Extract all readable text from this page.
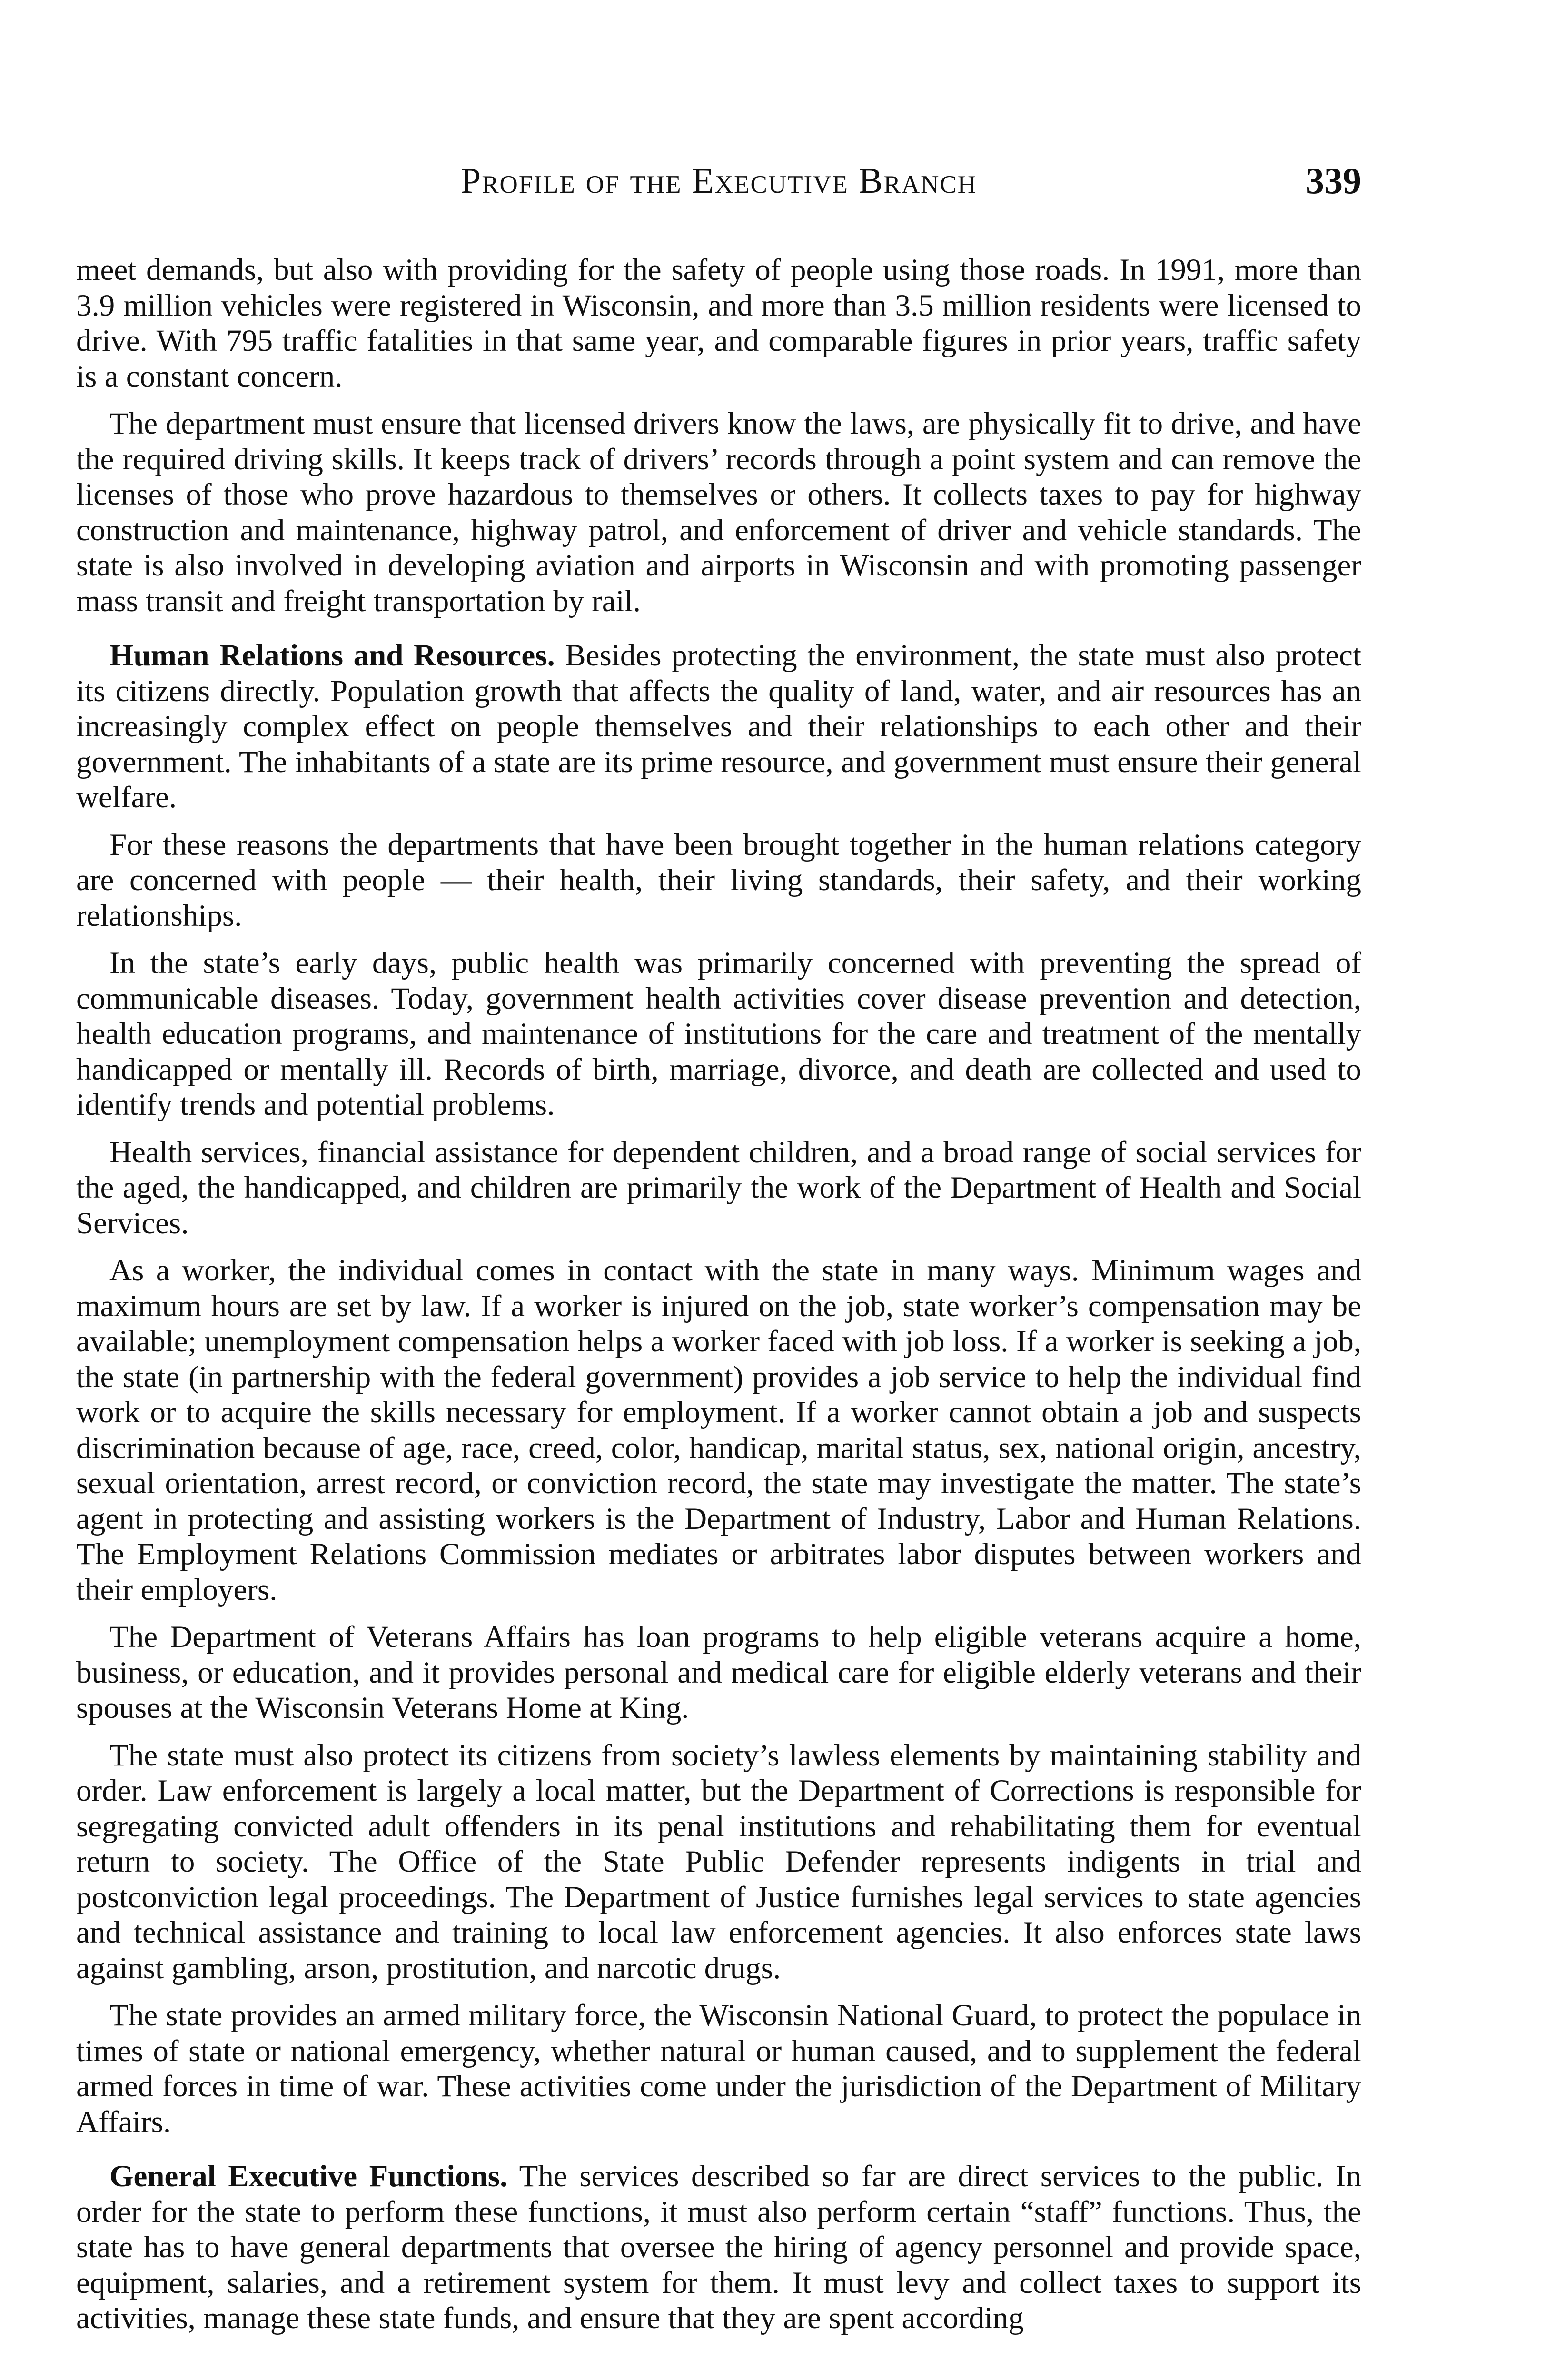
Profile of the Executive Branch	339

meet demands, but also with providing for the safety of people using those roads. In 1991, more than 3.9 million vehicles were registered in Wisconsin, and more than 3.5 million residents were licensed to drive. With 795 traffic fatalities in that same year, and comparable figures in prior years, traffic safety is a constant concern.

The department must ensure that licensed drivers know the laws, are physically fit to drive, and have the required driving skills. It keeps track of drivers’ records through a point system and can remove the licenses of those who prove hazardous to themselves or others. It collects taxes to pay for highway construction and maintenance, highway patrol, and enforcement of driver and vehicle standards. The state is also involved in developing aviation and airports in Wisconsin and with promoting passenger mass transit and freight transportation by rail.

Human Relations and Resources. Besides protecting the environment, the state must also protect its citizens directly. Population growth that affects the quality of land, water, and air resources has an increasingly complex effect on people themselves and their relationships to each other and their government. The inhabitants of a state are its prime resource, and government must ensure their general welfare.

For these reasons the departments that have been brought together in the human relations category are concerned with people — their health, their living standards, their safety, and their working relationships.

In the state’s early days, public health was primarily concerned with preventing the spread of communicable diseases. Today, government health activities cover disease prevention and detection, health education programs, and maintenance of institutions for the care and treatment of the mentally handicapped or mentally ill. Records of birth, marriage, divorce, and death are collected and used to identify trends and potential problems.

Health services, financial assistance for dependent children, and a broad range of social services for the aged, the handicapped, and children are primarily the work of the Department of Health and Social Services.

As a worker, the individual comes in contact with the state in many ways. Minimum wages and maximum hours are set by law. If a worker is injured on the job, state worker’s compensation may be available; unemployment compensation helps a worker faced with job loss. If a worker is seeking a job, the state (in partnership with the federal government) provides a job service to help the individual find work or to acquire the skills necessary for employment. If a worker cannot obtain a job and suspects discrimination because of age, race, creed, color, handicap, marital status, sex, national origin, ancestry, sexual orientation, arrest record, or conviction record, the state may investigate the matter. The state’s agent in protecting and assisting workers is the Department of Industry, Labor and Human Relations. The Employment Relations Commission mediates or arbitrates labor disputes between workers and their employers.

The Department of Veterans Affairs has loan programs to help eligible veterans acquire a home, business, or education, and it provides personal and medical care for eligible elderly veterans and their spouses at the Wisconsin Veterans Home at King.

The state must also protect its citizens from society’s lawless elements by maintaining stability and order. Law enforcement is largely a local matter, but the Department of Corrections is responsible for segregating convicted adult offenders in its penal institutions and rehabilitating them for eventual return to society. The Office of the State Public Defender represents indigents in trial and postconviction legal proceedings. The Department of Justice furnishes legal services to state agencies and technical assistance and training to local law enforcement agencies. It also enforces state laws against gambling, arson, prostitution, and narcotic drugs.

The state provides an armed military force, the Wisconsin National Guard, to protect the populace in times of state or national emergency, whether natural or human caused, and to supplement the federal armed forces in time of war. These activities come under the jurisdiction of the Department of Military Affairs.

General Executive Functions. The services described so far are direct services to the public. In order for the state to perform these functions, it must also perform certain “staff” functions. Thus, the state has to have general departments that oversee the hiring of agency personnel and provide space, equipment, salaries, and a retirement system for them. It must levy and collect taxes to support its activities, manage these state funds, and ensure that they are spent according
